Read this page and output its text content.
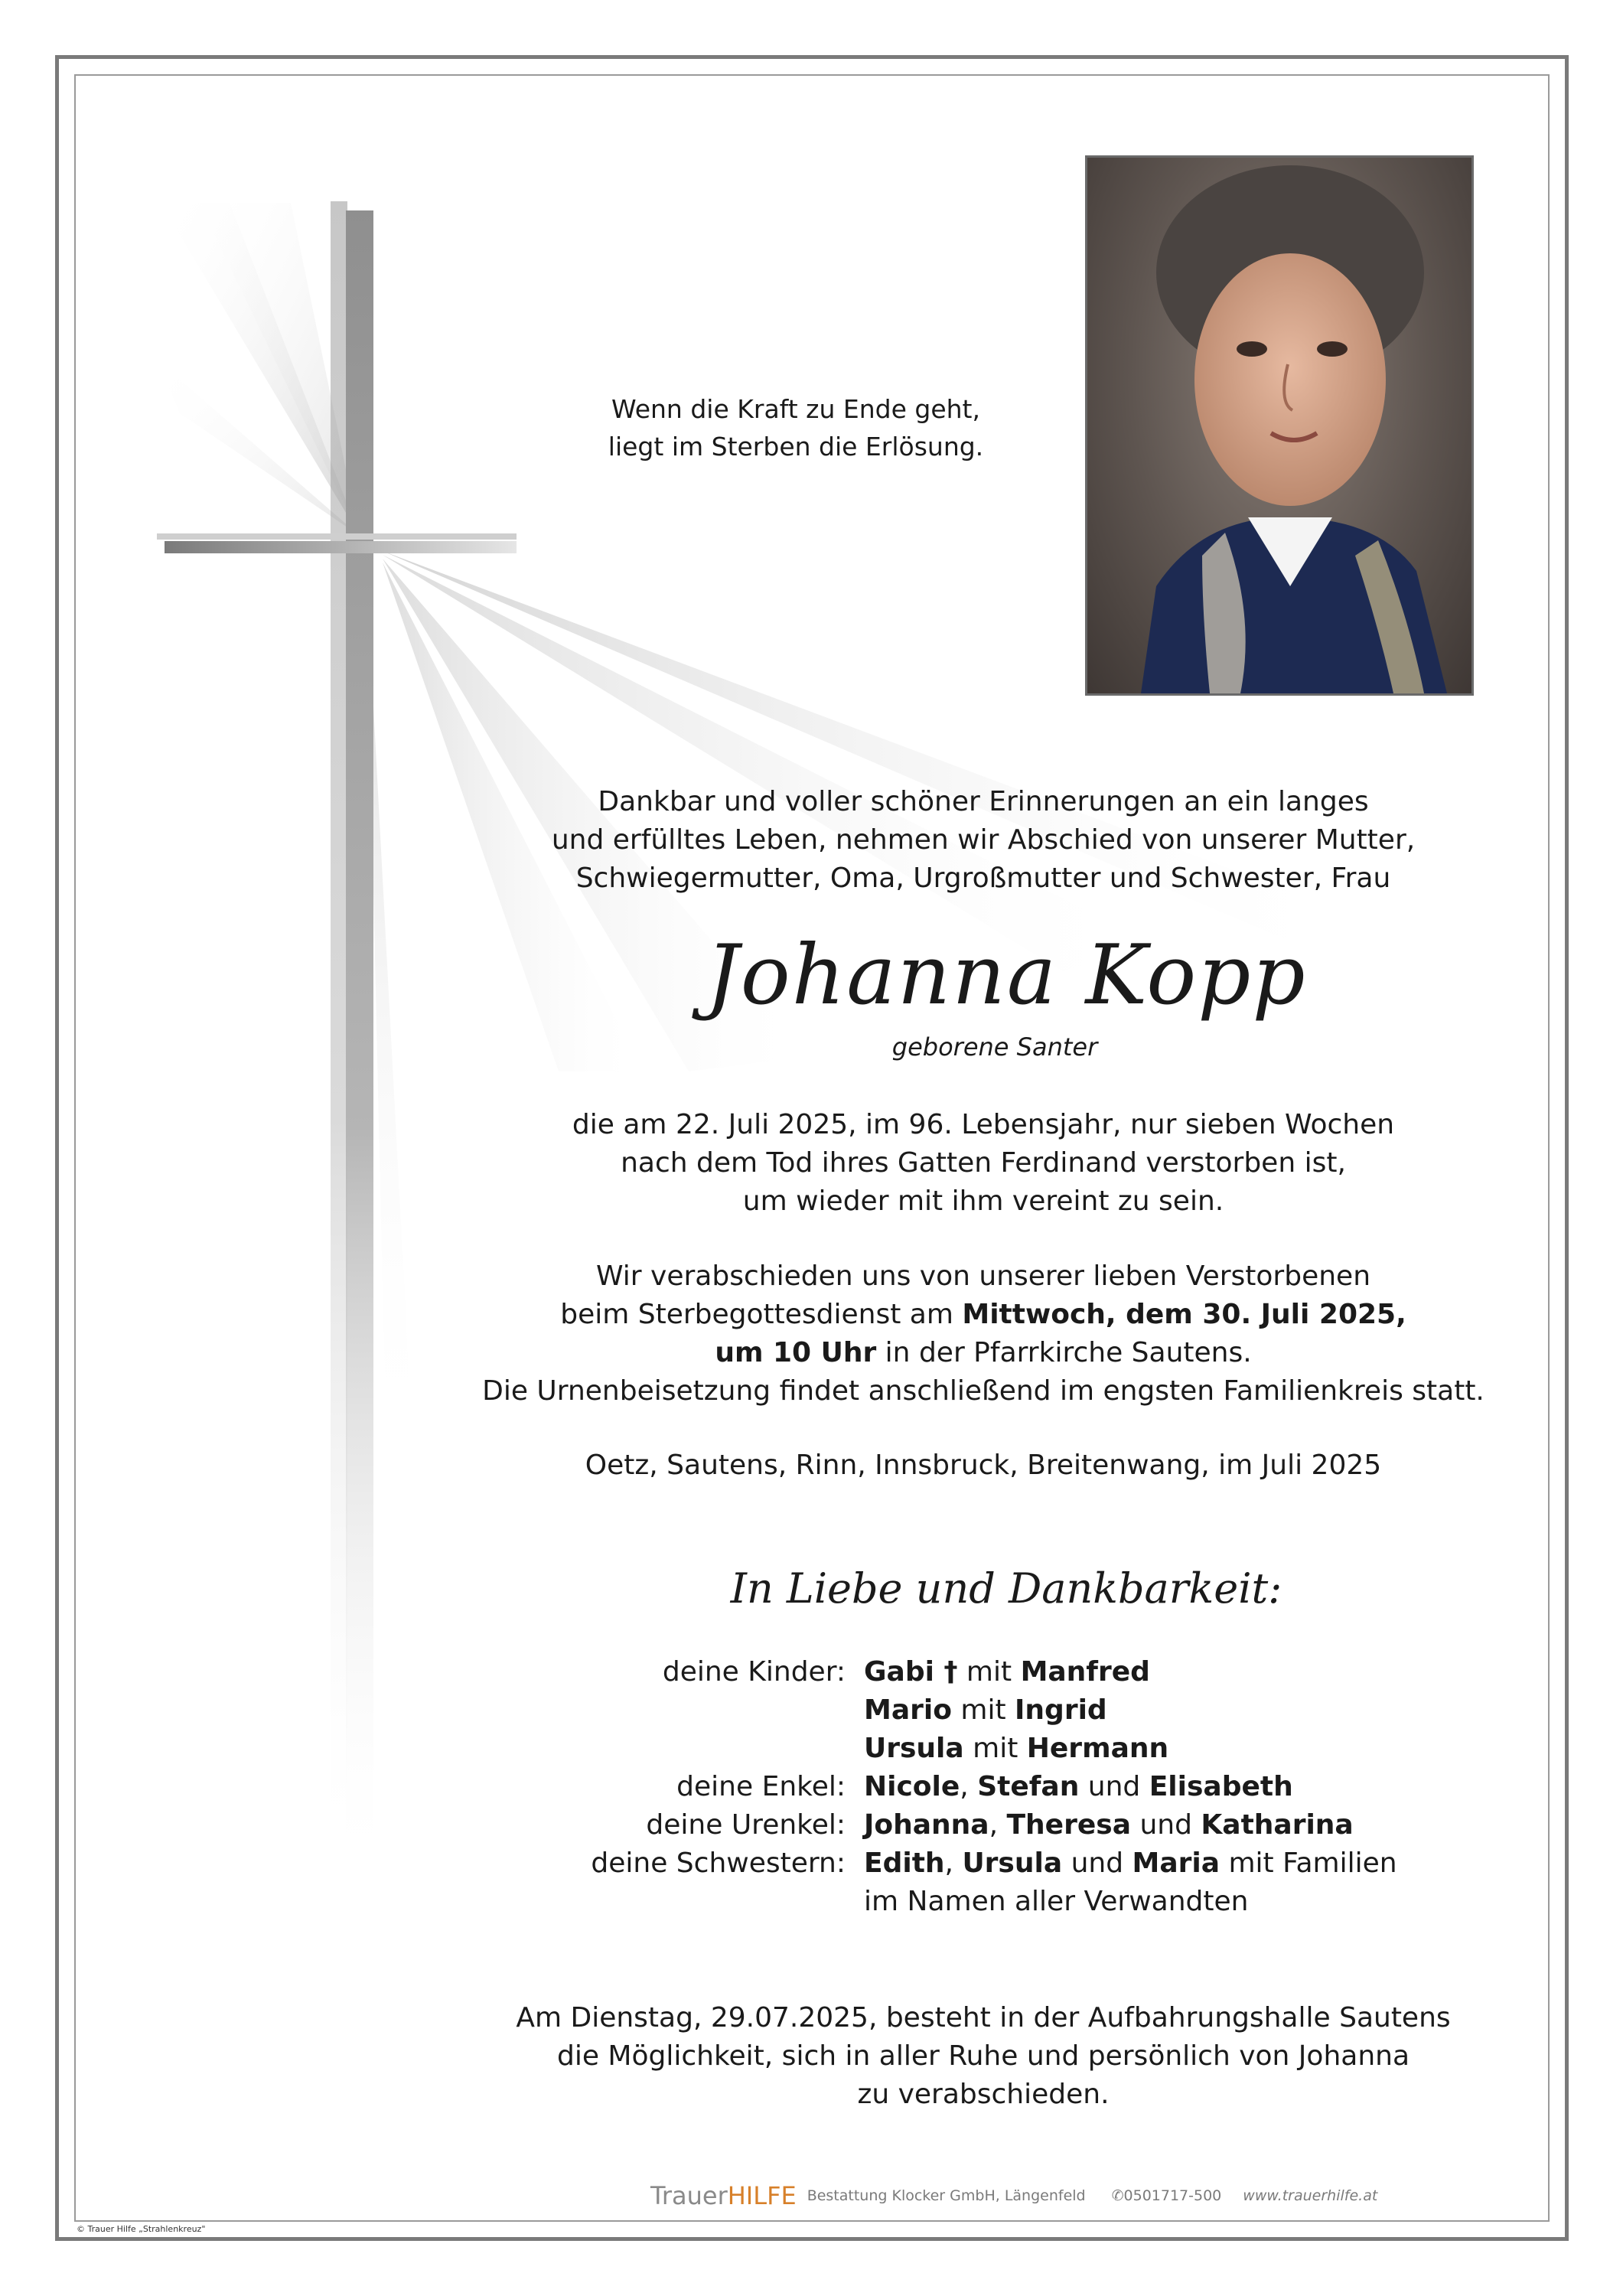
Wenn die Kraft zu Ende geht,
liegt im Sterben die Erlösung.
Dankbar und voller schöner Erinnerungen an ein langes
und erfülltes Leben, nehmen wir Abschied von unserer Mutter,
Schwiegermutter, Oma, Urgroßmutter und Schwester, Frau
Johanna Kopp
geborene Santer
die am 22. Juli 2025, im 96. Lebensjahr, nur sieben Wochen
nach dem Tod ihres Gatten Ferdinand verstorben ist,
um wieder mit ihm vereint zu sein.
Wir verabschieden uns von unserer lieben Verstorbenen
beim Sterbegottesdienst am Mittwoch, dem 30. Juli 2025,
um 10 Uhr in der Pfarrkirche Sautens.
Die Urnenbeisetzung findet anschließend im engsten Familienkreis statt.
Oetz, Sautens, Rinn, Innsbruck, Breitenwang, im Juli 2025
In Liebe und Dankbarkeit:
deine Kinder: Gabi † mit Manfred
Mario mit Ingrid
Ursula mit Hermann
deine Enkel: Nicole, Stefan und Elisabeth
deine Urenkel: Johanna, Theresa und Katharina
deine Schwestern: Edith, Ursula und Maria mit Familien
im Namen aller Verwandten
Am Dienstag, 29.07.2025, besteht in der Aufbahrungshalle Sautens
die Möglichkeit, sich in aller Ruhe und persönlich von Johanna
zu verabschieden.
Trauer HILFE Bestattung Klocker GmbH, Längenfeld ✆0501717-500 www.trauerhilfe.at
© Trauer Hilfe „Strahlenkreuz"
